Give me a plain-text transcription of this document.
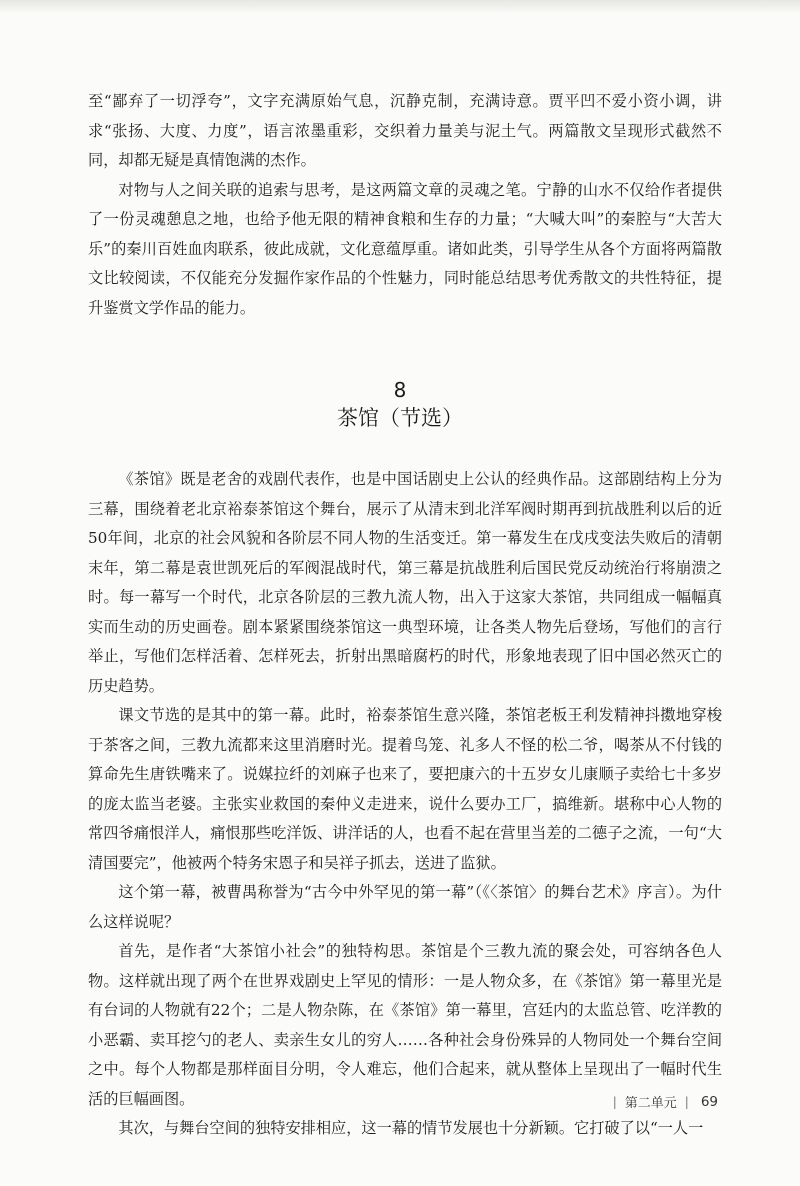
至“鄙弃了一切浮夸”，文字充满原始气息，沉静克制，充满诗意。贾平凹不爱小资小调，讲求“张扬、大度、力度”，语言浓墨重彩，交织着力量美与泥土气。两篇散文呈现形式截然不同，却都无疑是真情饱满的杰作。

对物与人之间关联的追索与思考，是这两篇文章的灵魂之笔。宁静的山水不仅给作者提供了一份灵魂憩息之地，也给予他无限的精神食粮和生存的力量；“大喊大叫”的秦腔与“大苦大乐”的秦川百姓血肉联系，彼此成就，文化意蕴厚重。诸如此类，引导学生从各个方面将两篇散文比较阅读，不仅能充分发掘作家作品的个性魅力，同时能总结思考优秀散文的共性特征，提升鉴赏文学作品的能力。

8
茶馆（节选）

《茶馆》既是老舍的戏剧代表作，也是中国话剧史上公认的经典作品。这部剧结构上分为三幕，围绕着老北京裕泰茶馆这个舞台，展示了从清末到北洋军阀时期再到抗战胜利以后的近50年间，北京的社会风貌和各阶层不同人物的生活变迁。第一幕发生在戊戌变法失败后的清朝末年，第二幕是袁世凯死后的军阀混战时代，第三幕是抗战胜利后国民党反动统治行将崩溃之时。每一幕写一个时代，北京各阶层的三教九流人物，出入于这家大茶馆，共同组成一幅幅真实而生动的历史画卷。剧本紧紧围绕茶馆这一典型环境，让各类人物先后登场，写他们的言行举止，写他们怎样活着、怎样死去，折射出黑暗腐朽的时代，形象地表现了旧中国必然灭亡的历史趋势。

课文节选的是其中的第一幕。此时，裕泰茶馆生意兴隆，茶馆老板王利发精神抖擞地穿梭于茶客之间，三教九流都来这里消磨时光。提着鸟笼、礼多人不怪的松二爷，喝茶从不付钱的算命先生唐铁嘴来了。说媒拉纤的刘麻子也来了，要把康六的十五岁女儿康顺子卖给七十多岁的庞太监当老婆。主张实业救国的秦仲义走进来，说什么要办工厂，搞维新。堪称中心人物的常四爷痛恨洋人，痛恨那些吃洋饭、讲洋话的人，也看不起在营里当差的二德子之流，一句“大清国要完”，他被两个特务宋恩子和吴祥子抓去，送进了监狱。

这个第一幕，被曹禺称誉为“古今中外罕见的第一幕”（《〈茶馆〉的舞台艺术》序言）。为什么这样说呢？

首先，是作者“大茶馆小社会”的独特构思。茶馆是个三教九流的聚会处，可容纳各色人物。这样就出现了两个在世界戏剧史上罕见的情形：一是人物众多，在《茶馆》第一幕里光是有台词的人物就有22个；二是人物杂陈，在《茶馆》第一幕里，宫廷内的太监总管、吃洋教的小恶霸、卖耳挖勺的老人、卖亲生女儿的穷人……各种社会身份殊异的人物同处一个舞台空间之中。每个人物都是那样面目分明，令人难忘，他们合起来，就从整体上呈现出了一幅时代生活的巨幅画图。

其次，与舞台空间的独特安排相应，这一幕的情节发展也十分新颖。它打破了以“一人一

| 第二单元 | 69
